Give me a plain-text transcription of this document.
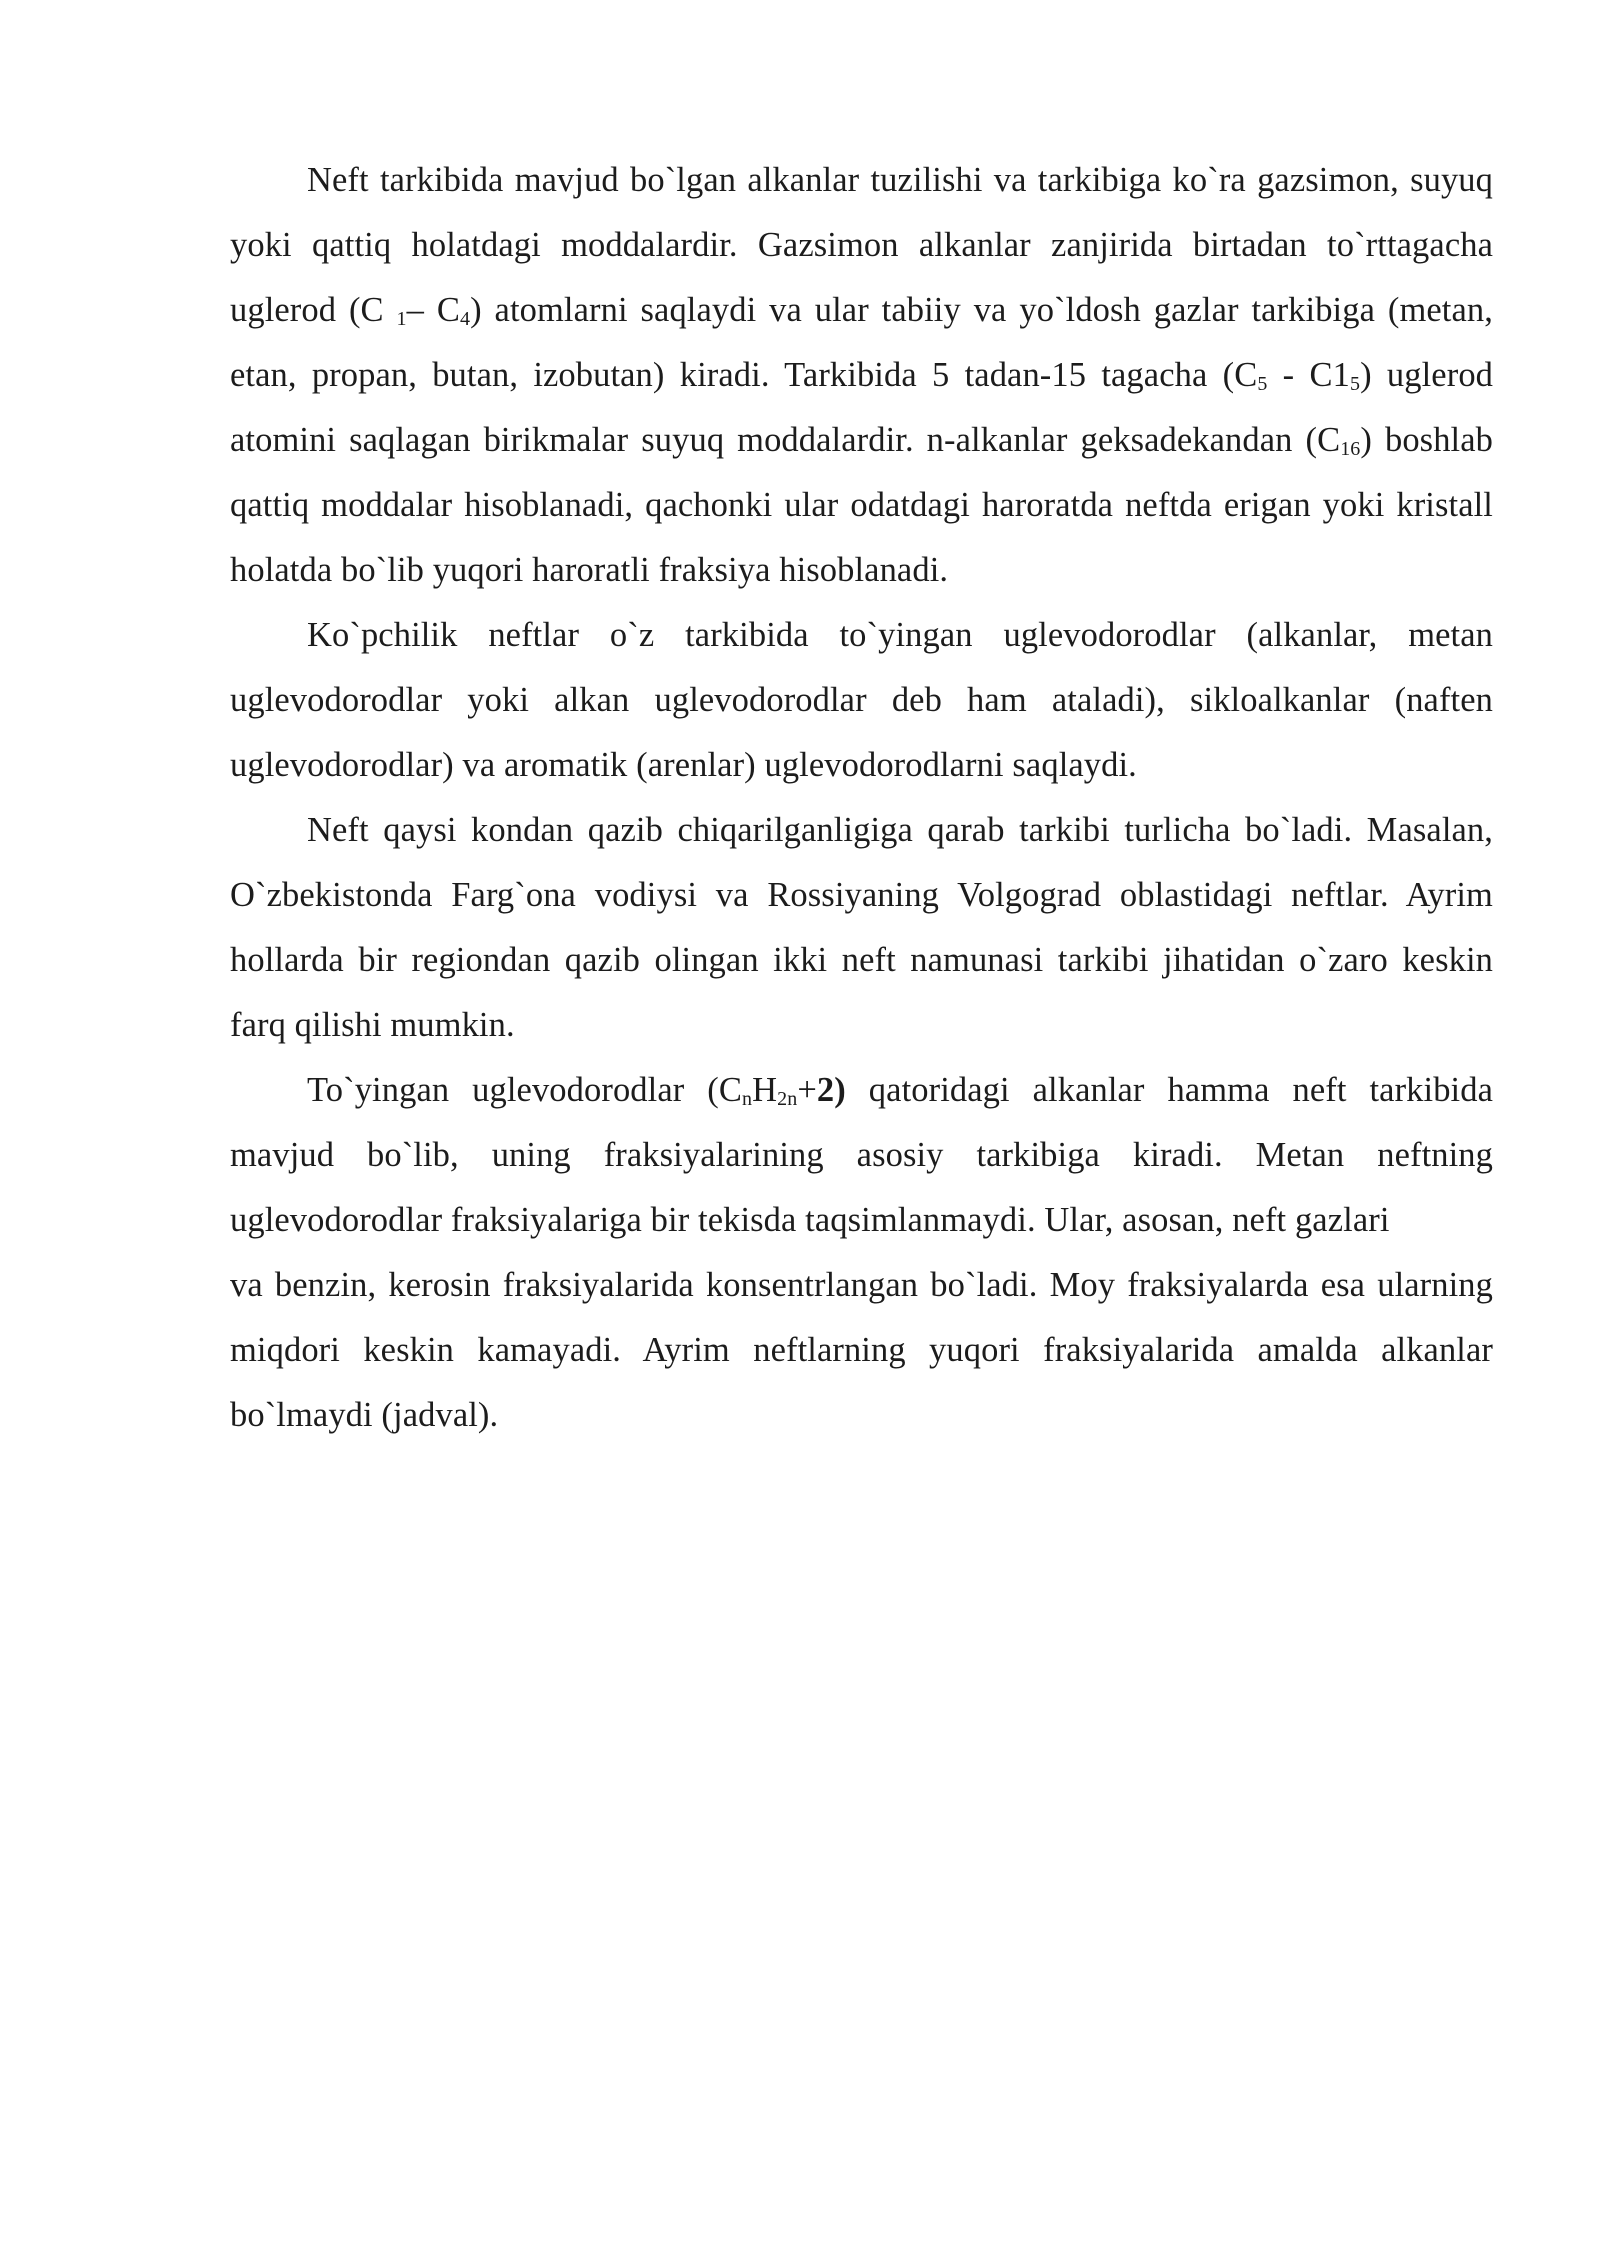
Neft tarkibida mavjud bo`lgan alkanlar tuzilishi va tarkibiga ko`ra gazsimon, suyuq yoki qattiq holatdagi moddalardir. Gazsimon alkanlar zanjirida birtadan to`rttagacha uglerod (C $_1$– $C_4$) atomlarni saqlaydi va ular tabiiy va yo`ldosh gazlar tarkibiga (metan, etan, propan, butan, izobutan) kiradi. Tarkibida 5 tadan-15 tagacha $(C_5 - C1_5)$ uglerod atomini saqlagan birikmalar suyuq moddalardir. n-alkanlar geksadekandan $(C_{16})$ boshlab qattiq moddalar hisoblanadi, qachonki ular odatdagi haroratda neftda erigan yoki kristall holatda bo`lib yuqori haroratli fraksiya hisoblanadi.

Ko`pchilik neftlar o`z tarkibida to`yingan uglevodorodlar (alkanlar, metan uglevodorodlar yoki alkan uglevodorodlar deb ham ataladi), sikloalkanlar (naften uglevodorodlar) va aromatik (arenlar) uglevodorodlarni saqlaydi.

Neft qaysi kondan qazib chiqarilganligiga qarab tarkibi turlicha bo`ladi. Masalan, O`zbekistonda Farg`ona vodiysi va Rossiyaning Volgograd oblastidagi neftlar. Ayrim hollarda bir regiondan qazib olingan ikki neft namunasi tarkibi jihatidan o`zaro keskin farq qilishi mumkin.

To`yingan uglevodorodlar $(C_nH_{2n}+2)$ qatoridagi alkanlar hamma neft tarkibida mavjud bo`lib, uning fraksiyalarining asosiy tarkibiga kiradi. Metan neftning uglevodorodlar fraksiyalariga bir tekisda taqsimlanmaydi. Ular, asosan, neft gazlari

va benzin, kerosin fraksiyalarida konsentrlangan bo`ladi. Moy fraksiyalarda esa ularning miqdori keskin kamayadi. Ayrim neftlarning yuqori fraksiyalarida amalda alkanlar bo`lmaydi (jadval).
